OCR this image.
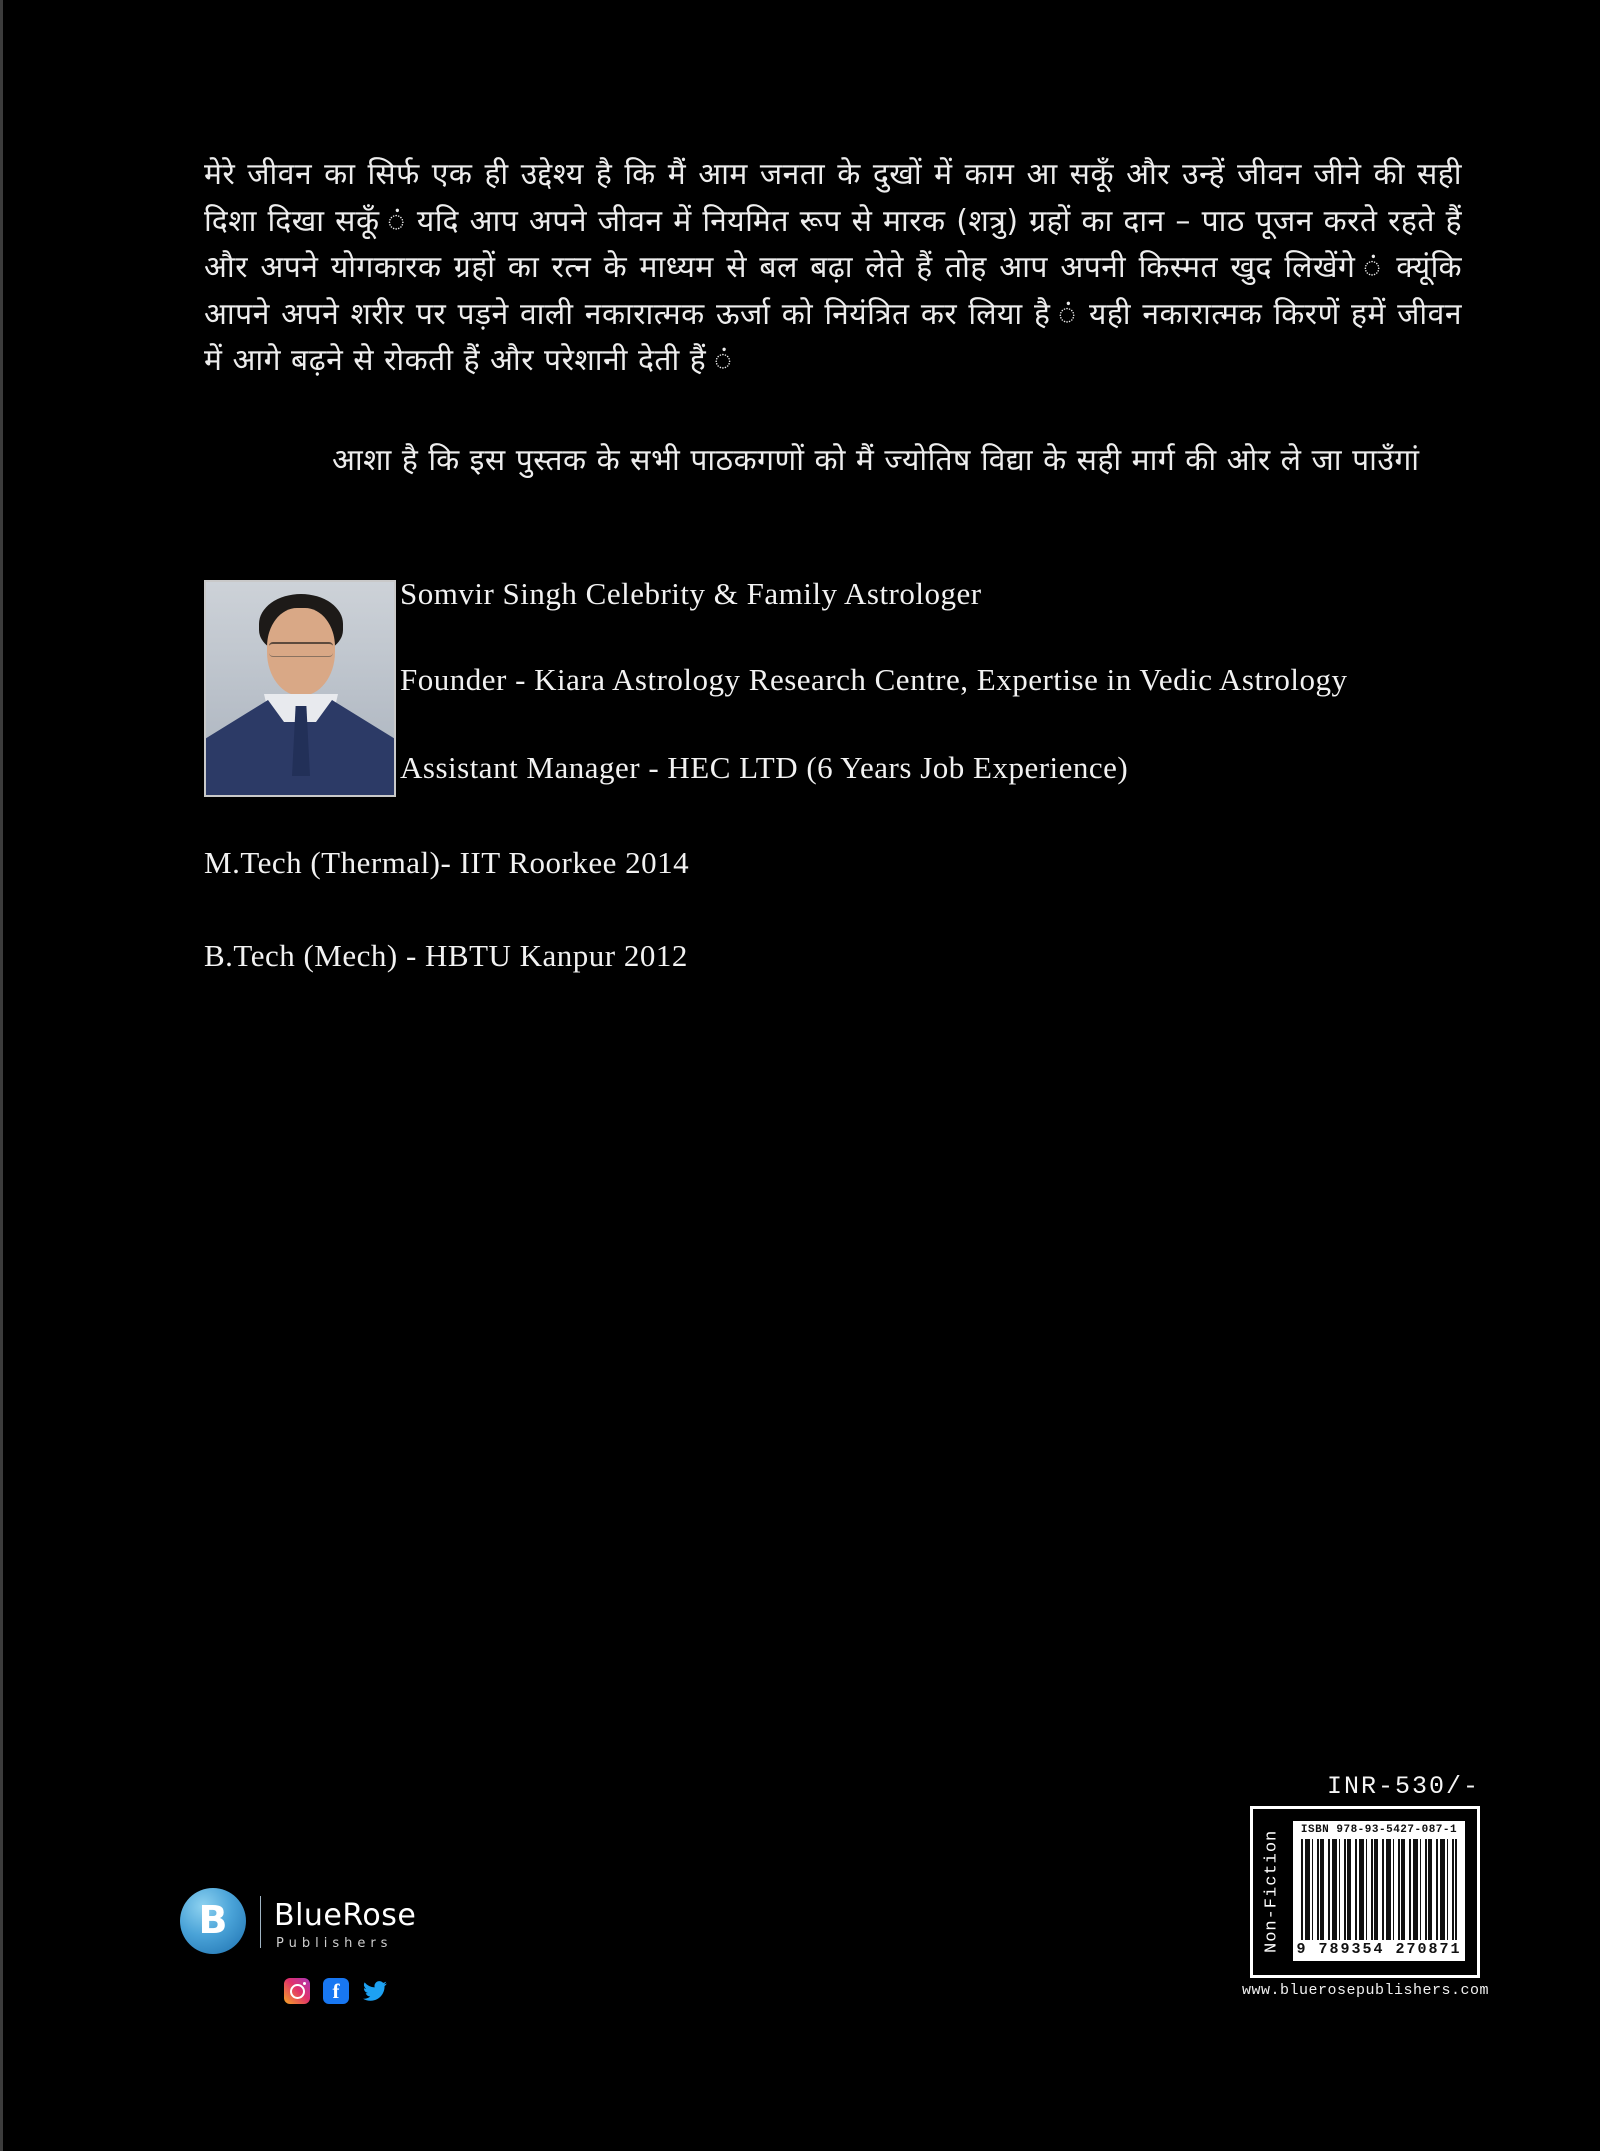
मेरे जीवन का सिर्फ एक ही उद्देश्य है कि मैं आम जनता के दुखों में काम आ सकूँ और उन्हें जीवन जीने की सही दिशा दिखा सकूँ ं यदि आप अपने जीवन में नियमित रूप से मारक (शत्रु) ग्रहों का दान – पाठ पूजन करते रहते हैं और अपने योगकारक ग्रहों का रत्न के माध्यम से बल बढ़ा लेते हैं तोह आप अपनी किस्मत खुद लिखेंगे ं क्यूंकि आपने अपने शरीर पर पड़ने वाली नकारात्मक ऊर्जा को नियंत्रित कर लिया है ं यही नकारात्मक किरणें हमें जीवन में आगे बढ़ने से रोकती हैं और परेशानी देती हैं ं
आशा है कि इस पुस्तक के सभी पाठकगणों को मैं ज्योतिष विद्या के सही मार्ग की ओर ले जा पाउँगां
Somvir Singh Celebrity & Family Astrologer
Founder - Kiara Astrology Research Centre, Expertise in Vedic Astrology
Assistant Manager - HEC LTD (6 Years Job Experience)
M.Tech (Thermal)- IIT Roorkee 2014
B.Tech (Mech) - HBTU Kanpur 2012
B BlueRose
Publishers
f
INR-530/-
Non-Fiction	ISBN 978-93-5427-087-1
9 789354 270871
www.bluerosepublishers.com
